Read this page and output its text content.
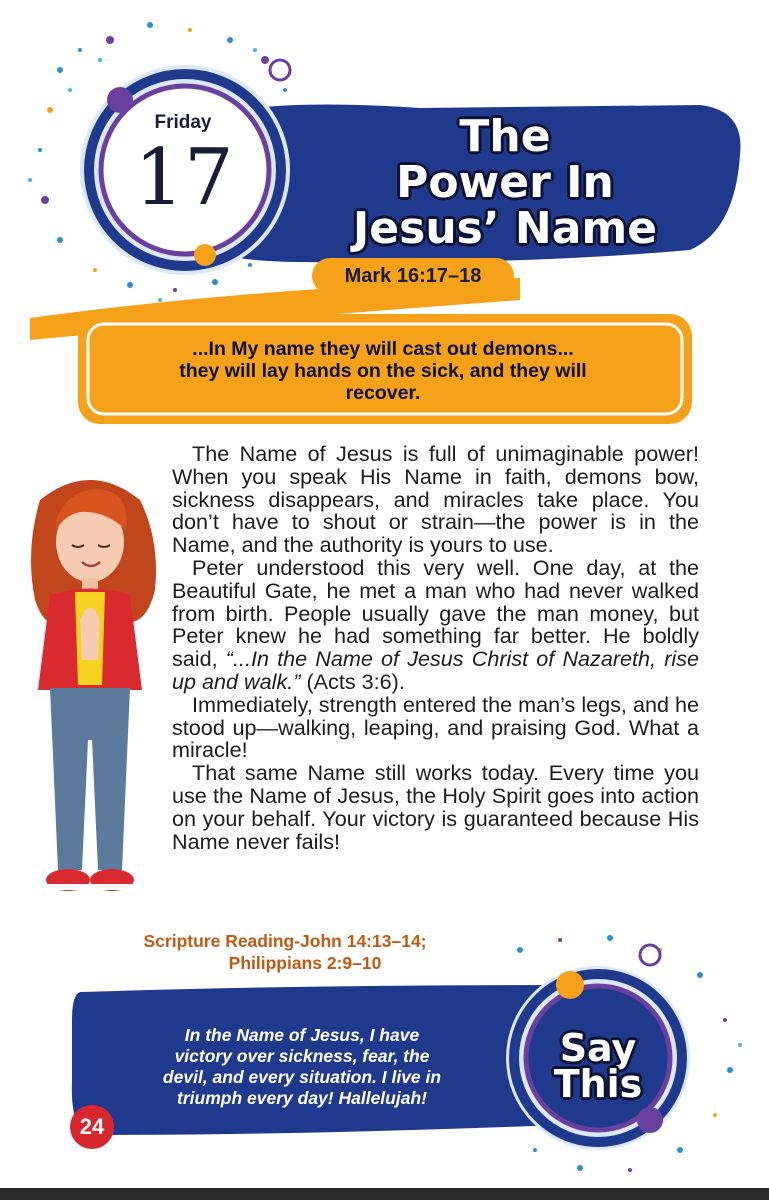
Friday
17	The
Power In
Jesus’ Name
Mark 16:17–18
...In My name they will cast out demons...
they will lay hands on the sick, and they will
recover.

The Name of Jesus is full of unimaginable power! When you speak His Name in faith, demons bow, sickness disappears, and miracles take place. You don’t have to shout or strain—the power is in the Name, and the authority is yours to use.

Peter understood this very well. One day, at the Beautiful Gate, he met a man who had never walked from birth. People usually gave the man money, but Peter knew he had something far better. He boldly said, “...In the Name of Jesus Christ of Nazareth, rise up and walk.” (Acts 3:6).

Immediately, strength entered the man’s legs, and he stood up—walking, leaping, and praising God. What a miracle!

That same Name still works today. Every time you use the Name of Jesus, the Holy Spirit goes into action on your behalf. Your victory is guaranteed because His Name never fails!

Scripture Reading-John 14:13–14;
Philippians 2:9–10
In the Name of Jesus, I have
victory over sickness, fear, the
devil, and every situation. I live in
triumph every day! Hallelujah!
Say
This
24
